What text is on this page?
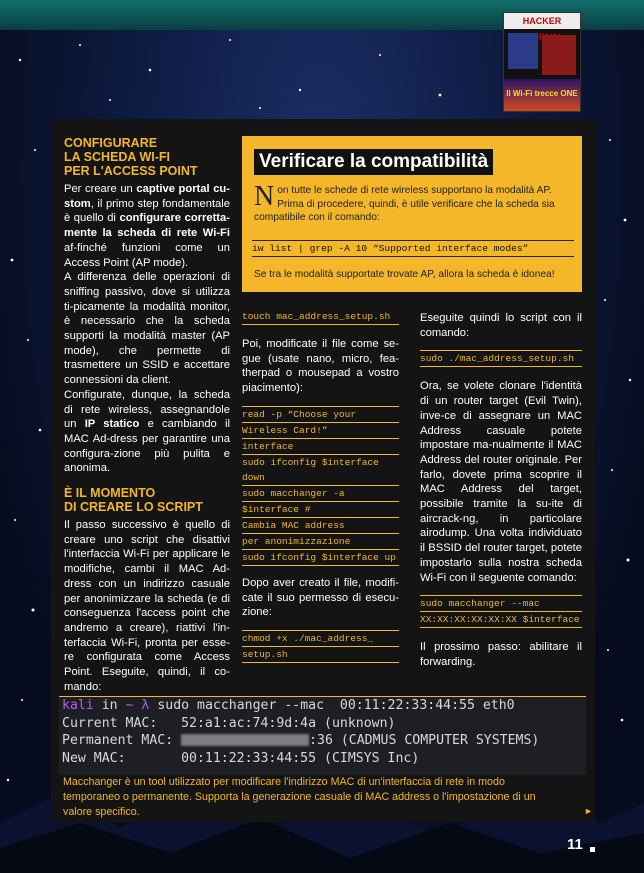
HACKER
Il Wi-Fi trecce ONE
CONFIGURARE
LA SCHEDA WI-FI
PER L'ACCESS POINT

Per creare un captive portal cu-stom, il primo step fondamentale è quello di configurare corretta-mente la scheda di rete Wi-Fi af-finché funzioni come un Access Point (AP mode).

A differenza delle operazioni di sniffing passivo, dove si utilizza ti-picamente la modalità monitor, è necessario che la scheda supporti la modalità master (AP mode), che permette di trasmettere un SSID e accettare connessioni da client.

Configurate, dunque, la scheda di rete wireless, assegnandole un IP statico e cambiando il MAC Ad-dress per garantire una configura-zione più pulita e anonima.

È IL MOMENTO
DI CREARE LO SCRIPT

Il passo successivo è quello di creare uno script che disattivi l'interfaccia Wi-Fi per applicare le modifiche, cambi il MAC Ad-dress con un indirizzo casuale per anonimizzare la scheda (e di conseguenza l'access point che andremo a creare), riattivi l'in-terfaccia Wi-Fi, pronta per esse-re configurata come Access Point. Eseguite, quindi, il co-mando:

Verificare la compatibilità
Non tutte le schede di rete wireless supportano la modalità AP. Prima di procedere, quindi, è utile verificare che la scheda sia compatibile con il comando:
iw list | grep -A 10 “Supported interface modes”
Se tra le modalità supportate trovate AP, allora la scheda è idonea!
touch mac_address_setup.sh

Poi, modificate il file come se-gue (usate nano, micro, fea-therpad o mousepad a vostro piacimento):

read -p “Choose your
Wireless Card!”
interface
sudo ifconfig $interface down
sudo macchanger -a
$interface #
Cambia MAC address
per anonimizzazione
sudo ifconfig $interface up

Dopo aver creato il file, modifi-cate il suo permesso di esecu-zione:

chmod +x ./mac_address_
setup.sh

Eseguite quindi lo script con il comando:

sudo ./mac_address_setup.sh

Ora, se volete clonare l'identità di un router target (Evil Twin), inve-ce di assegnare un MAC Address casuale potete impostare ma-nualmente il MAC Address del router originale. Per farlo, dovete prima scoprire il MAC Address del target, possibile tramite la su-ite di aircrack-ng, in particolare airodump. Una volta individuato il BSSID del router target, potete impostarlo sulla nostra scheda Wi-Fi con il seguente comando:

sudo macchanger --mac
XX:XX:XX:XX:XX:XX $interface

Il prossimo passo: abilitare il forwarding.

kali in ~ λ sudo macchanger --mac  00:11:22:33:44:55 eth0
Current MAC:   52:a1:ac:74:9d:4a (unknown)
Permanent MAC:	:36 (CADMUS COMPUTER SYSTEMS)
New MAC:       00:11:22:33:44:55 (CIMSYS Inc)
Macchanger è un tool utilizzato per modificare l'indirizzo MAC di un'interfaccia di rete in modo temporaneo o permanente. Supporta la generazione casuale di MAC address o l'impostazione di un valore specifico.	►
11
